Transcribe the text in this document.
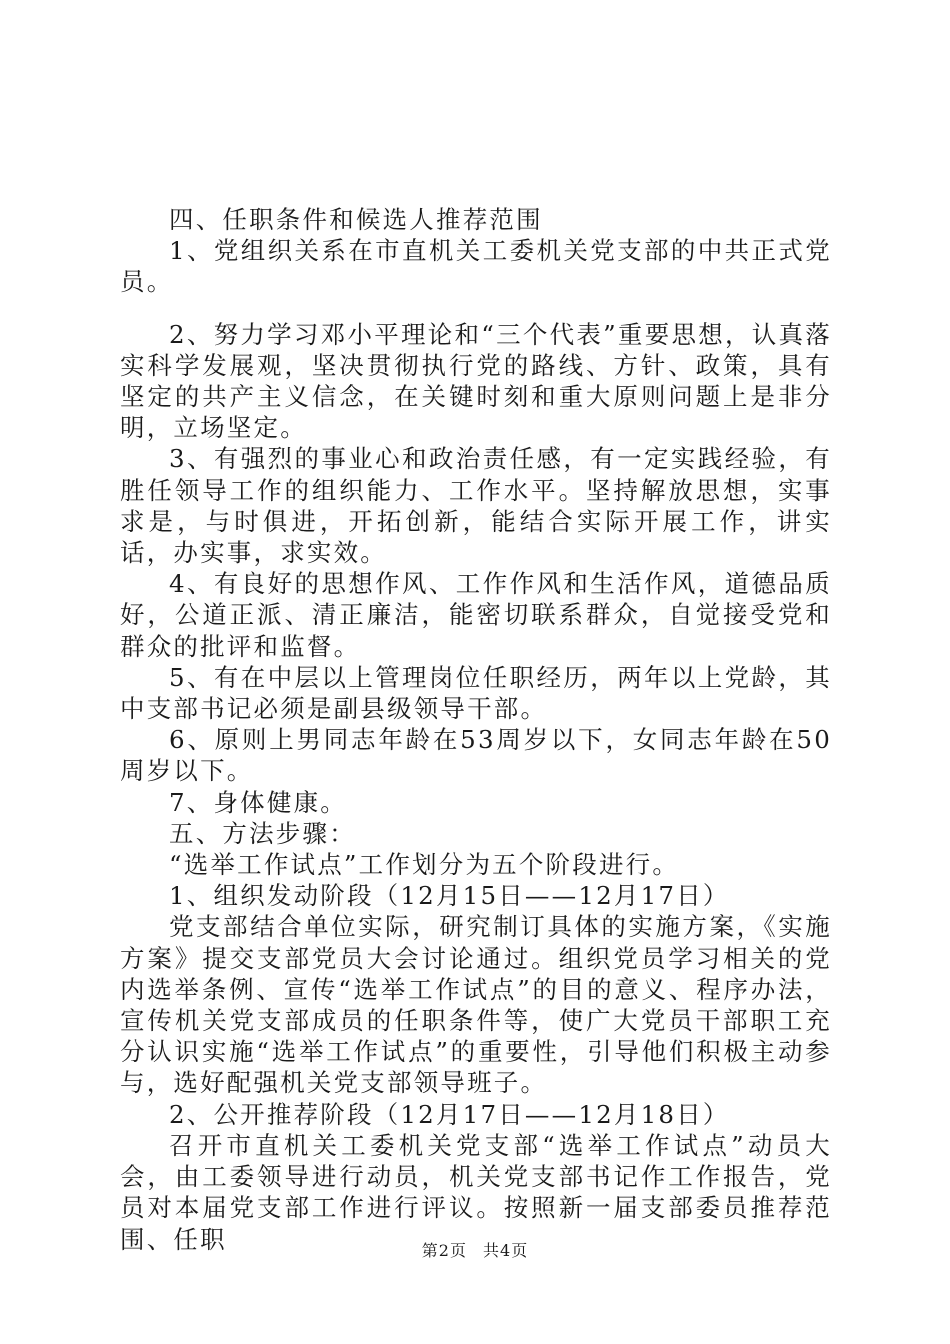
四、任职条件和候选人推荐范围

1、党组织关系在市直机关工委机关党支部的中共正式党员。

2、努力学习邓小平理论和“三个代表”重要思想，认真落实科学发展观，坚决贯彻执行党的路线、方针、政策，具有坚定的共产主义信念，在关键时刻和重大原则问题上是非分明，立场坚定。

3、有强烈的事业心和政治责任感，有一定实践经验，有胜任领导工作的组织能力、工作水平。坚持解放思想，实事求是，与时俱进，开拓创新，能结合实际开展工作，讲实话，办实事，求实效。

4、有良好的思想作风、工作作风和生活作风，道德品质好，公道正派、清正廉洁，能密切联系群众，自觉接受党和群众的批评和监督。

5、有在中层以上管理岗位任职经历，两年以上党龄，其中支部书记必须是副县级领导干部。

6、原则上男同志年龄在53周岁以下，女同志年龄在50周岁以下。

7、身体健康。

五、方法步骤：

“选举工作试点”工作划分为五个阶段进行。

1、组织发动阶段（12月15日——12月17日）

党支部结合单位实际，研究制订具体的实施方案，《实施方案》提交支部党员大会讨论通过。组织党员学习相关的党内选举条例、宣传“选举工作试点”的目的意义、程序办法，宣传机关党支部成员的任职条件等，使广大党员干部职工充分认识实施“选举工作试点”的重要性，引导他们积极主动参与，选好配强机关党支部领导班子。

2、公开推荐阶段（12月17日——12月18日）

召开市直机关工委机关党支部“选举工作试点”动员大会，由工委领导进行动员，机关党支部书记作工作报告，党员对本届党支部工作进行评议。按照新一届支部委员推荐范围、任职	第2页 共4页
